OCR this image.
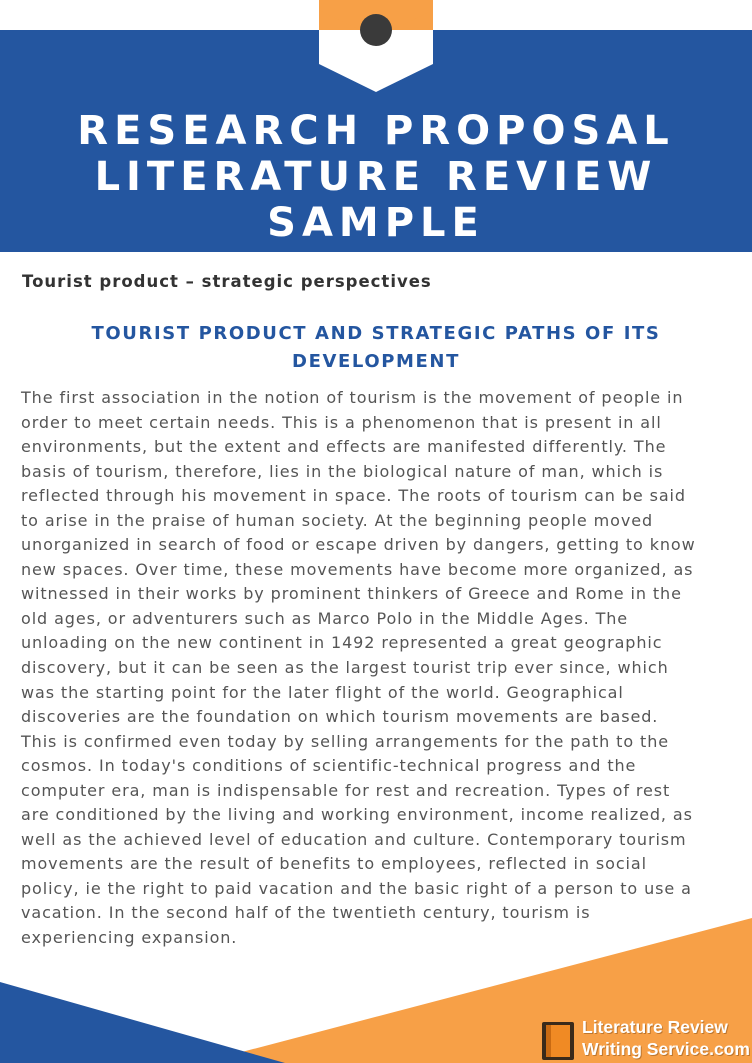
RESEARCH PROPOSAL
LITERATURE REVIEW
SAMPLE
Tourist product – strategic perspectives
TOURIST PRODUCT AND STRATEGIC PATHS OF ITS
DEVELOPMENT
The first association in the notion of tourism is the movement of people in
order to meet certain needs. This is a phenomenon that is present in all
environments, but the extent and effects are manifested differently. The
basis of tourism, therefore, lies in the biological nature of man, which is
reflected through his movement in space. The roots of tourism can be said
to arise in the praise of human society. At the beginning people moved
unorganized in search of food or escape driven by dangers, getting to know
new spaces. Over time, these movements have become more organized, as
witnessed in their works by prominent thinkers of Greece and Rome in the
old ages, or adventurers such as Marco Polo in the Middle Ages. The
unloading on the new continent in 1492 represented a great geographic
discovery, but it can be seen as the largest tourist trip ever since, which
was the starting point for the later flight of the world. Geographical
discoveries are the foundation on which tourism movements are based.
This is confirmed even today by selling arrangements for the path to the
cosmos. In today's conditions of scientific-technical progress and the
computer era, man is indispensable for rest and recreation. Types of rest
are conditioned by the living and working environment, income realized, as
well as the achieved level of education and culture. Contemporary tourism
movements are the result of benefits to employees, reflected in social
policy, ie the right to paid vacation and the basic right of a person to use a
vacation. In the second half of the twentieth century, tourism is
experiencing expansion.
Literature Review
Writing Service.com
